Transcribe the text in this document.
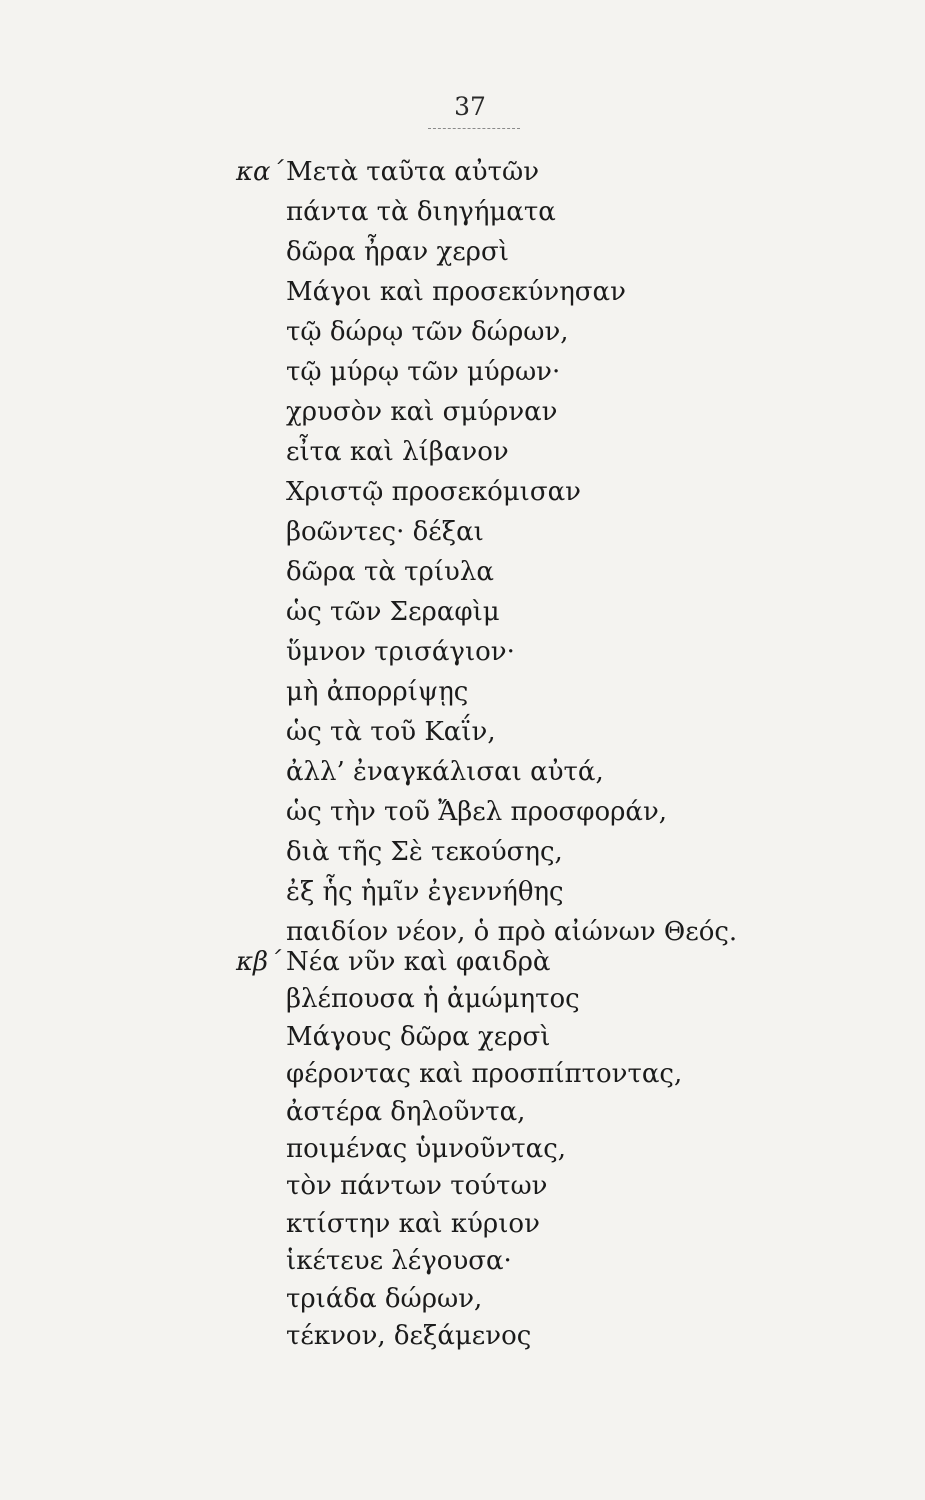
37
κα΄ Μετὰ ταῦτα αὐτῶν
πάντα τὰ διηγήματα
δῶρα ἦραν χερσὶ
Μάγοι καὶ προσεκύνησαν
τῷ δώρῳ τῶν δώρων,
τῷ μύρῳ τῶν μύρων·
χρυσὸν καὶ σμύρναν
εἶτα καὶ λίβανον
Χριστῷ προσεκόμισαν
βοῶντες· δέξαι
δῶρα τὰ τρίυλα
ὡς τῶν Σεραφὶμ
ὕμνον τρισάγιον·
μὴ ἀπορρίψῃς
ὡς τὰ τοῦ Καΐν,
ἀλλ’ ἐναγκάλισαι αὐτά,
ὡς τὴν τοῦ Ἄβελ προσφοράν,
διὰ τῆς Σὲ τεκούσης,
ἐξ ἧς ἡμῖν ἐγεννήθης
παιδίον νέον, ὁ πρὸ αἰώνων Θεός.
κβ΄ Νέα νῦν καὶ φαιδρὰ
βλέπουσα ἡ ἀμώμητος
Μάγους δῶρα χερσὶ
φέροντας καὶ προσπίπτοντας,
ἀστέρα δηλοῦντα,
ποιμένας ὑμνοῦντας,
τὸν πάντων τούτων
κτίστην καὶ κύριον
ἱκέτευε λέγουσα·
τριάδα δώρων,
τέκνον, δεξάμενος
